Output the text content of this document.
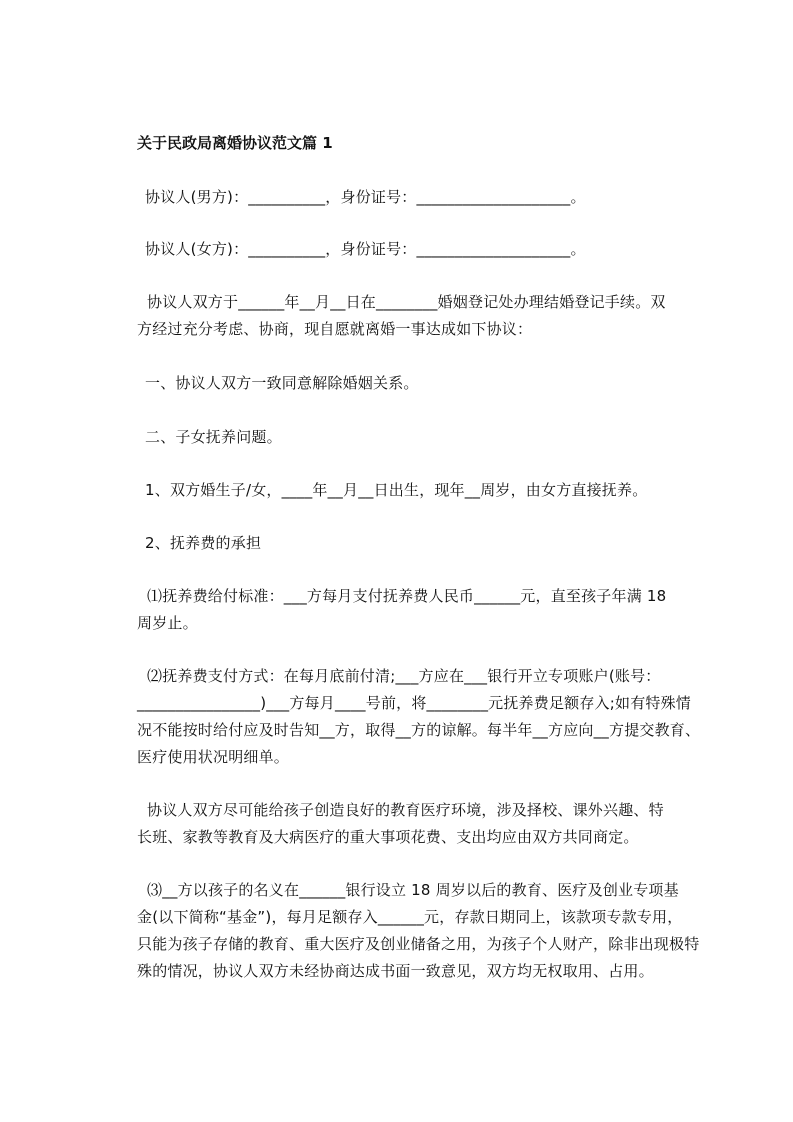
关于民政局离婚协议范文篇 1
协议人(男方)：__________，身份证号：____________________。
协议人(女方)：__________，身份证号：____________________。
协议人双方于______年__月__日在________婚姻登记处办理结婚登记手续。双
方经过充分考虑、协商，现自愿就离婚一事达成如下协议：
一、协议人双方一致同意解除婚姻关系。
二、子女抚养问题。
1、双方婚生子/女，____年__月__日出生，现年__周岁，由女方直接抚养。
2、抚养费的承担
⑴抚养费给付标准：___方每月支付抚养费人民币______元，直至孩子年满 18
周岁止。
⑵抚养费支付方式：在每月底前付清;___方应在___银行开立专项账户(账号：
________________)___方每月____号前，将________元抚养费足额存入;如有特殊情
况不能按时给付应及时告知__方，取得__方的谅解。每半年__方应向__方提交教育、
医疗使用状况明细单。
协议人双方尽可能给孩子创造良好的教育医疗环境，涉及择校、课外兴趣、特
长班、家教等教育及大病医疗的重大事项花费、支出均应由双方共同商定。
⑶__方以孩子的名义在______银行设立 18 周岁以后的教育、医疗及创业专项基
金(以下简称“基金”)，每月足额存入______元，存款日期同上，该款项专款专用，
只能为孩子存储的教育、重大医疗及创业储备之用，为孩子个人财产，除非出现极特
殊的情况，协议人双方未经协商达成书面一致意见，双方均无权取用、占用。
